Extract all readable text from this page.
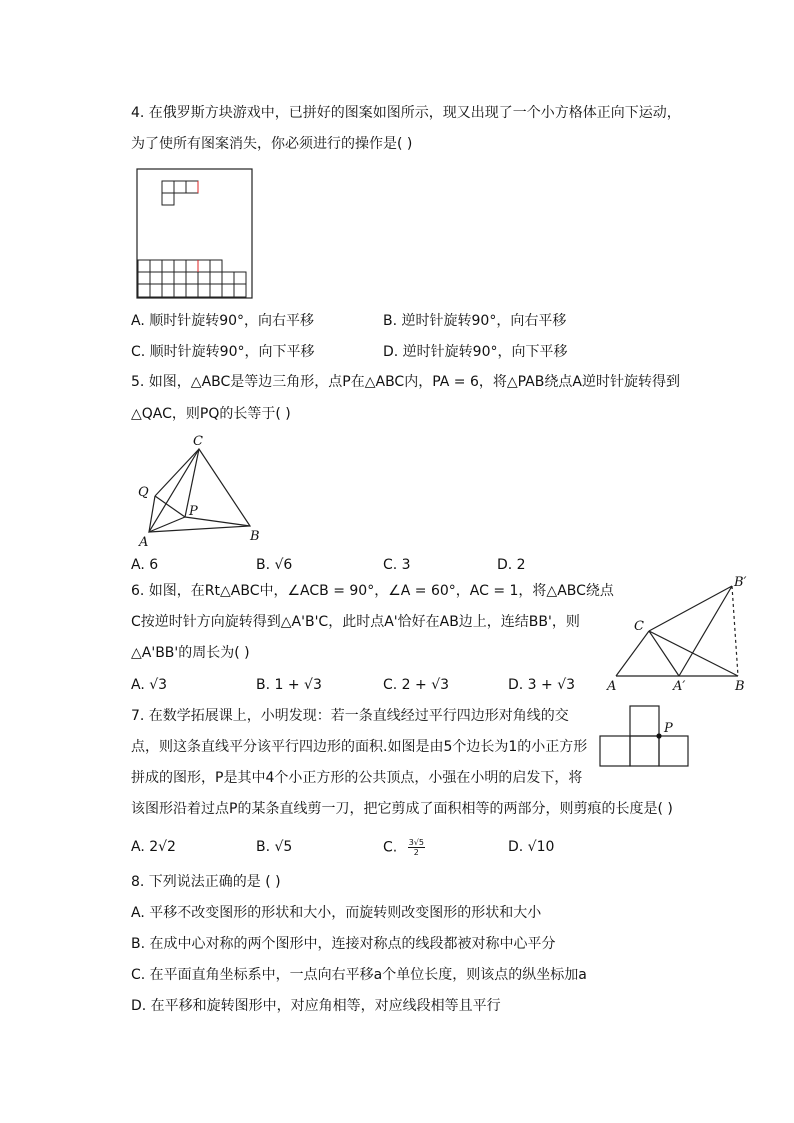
4. 在俄罗斯方块游戏中，已拼好的图案如图所示，现又出现了一个小方格体正向下运动，
为了使所有图案消失，你必须进行的操作是( )
A. 顺时针旋转90°，向右平移	B. 逆时针旋转90°，向右平移
C. 顺时针旋转90°，向下平移	D. 逆时针旋转90°，向下平移
5. 如图，△ABC是等边三角形，点P在△ABC内，PA = 6，将△PAB绕点A逆时针旋转得到
△QAC，则PQ的长等于( )
C
Q
P
A	B
A. 6	B. √6	C. 3	D. 2
6. 如图，在Rt△ABC中，∠ACB = 90°，∠A = 60°，AC = 1，将△ABC绕点
C按逆时针方向旋转得到△A'B'C，此时点A'恰好在AB边上，连结BB'，则
△A'BB'的周长为( )
B′
C
A	A′	B
A. √3	B. 1 + √3	C. 2 + √3	D. 3 + √3
7. 在数学拓展课上，小明发现：若一条直线经过平行四边形对角线的交
点，则这条直线平分该平行四边形的面积.如图是由5个边长为1的小正方形
拼成的图形，P是其中4个小正方形的公共顶点，小强在小明的启发下，将
该图形沿着过点P的某条直线剪一刀，把它剪成了面积相等的两部分，则剪痕的长度是( )
P
A. 2√2	B. √5	C. $\frac{3√5}{2}$	D. √10
8. 下列说法正确的是 ( )
A. 平移不改变图形的形状和大小，而旋转则改变图形的形状和大小
B. 在成中心对称的两个图形中，连接对称点的线段都被对称中心平分
C. 在平面直角坐标系中，一点向右平移a个单位长度，则该点的纵坐标加a
D. 在平移和旋转图形中，对应角相等，对应线段相等且平行
